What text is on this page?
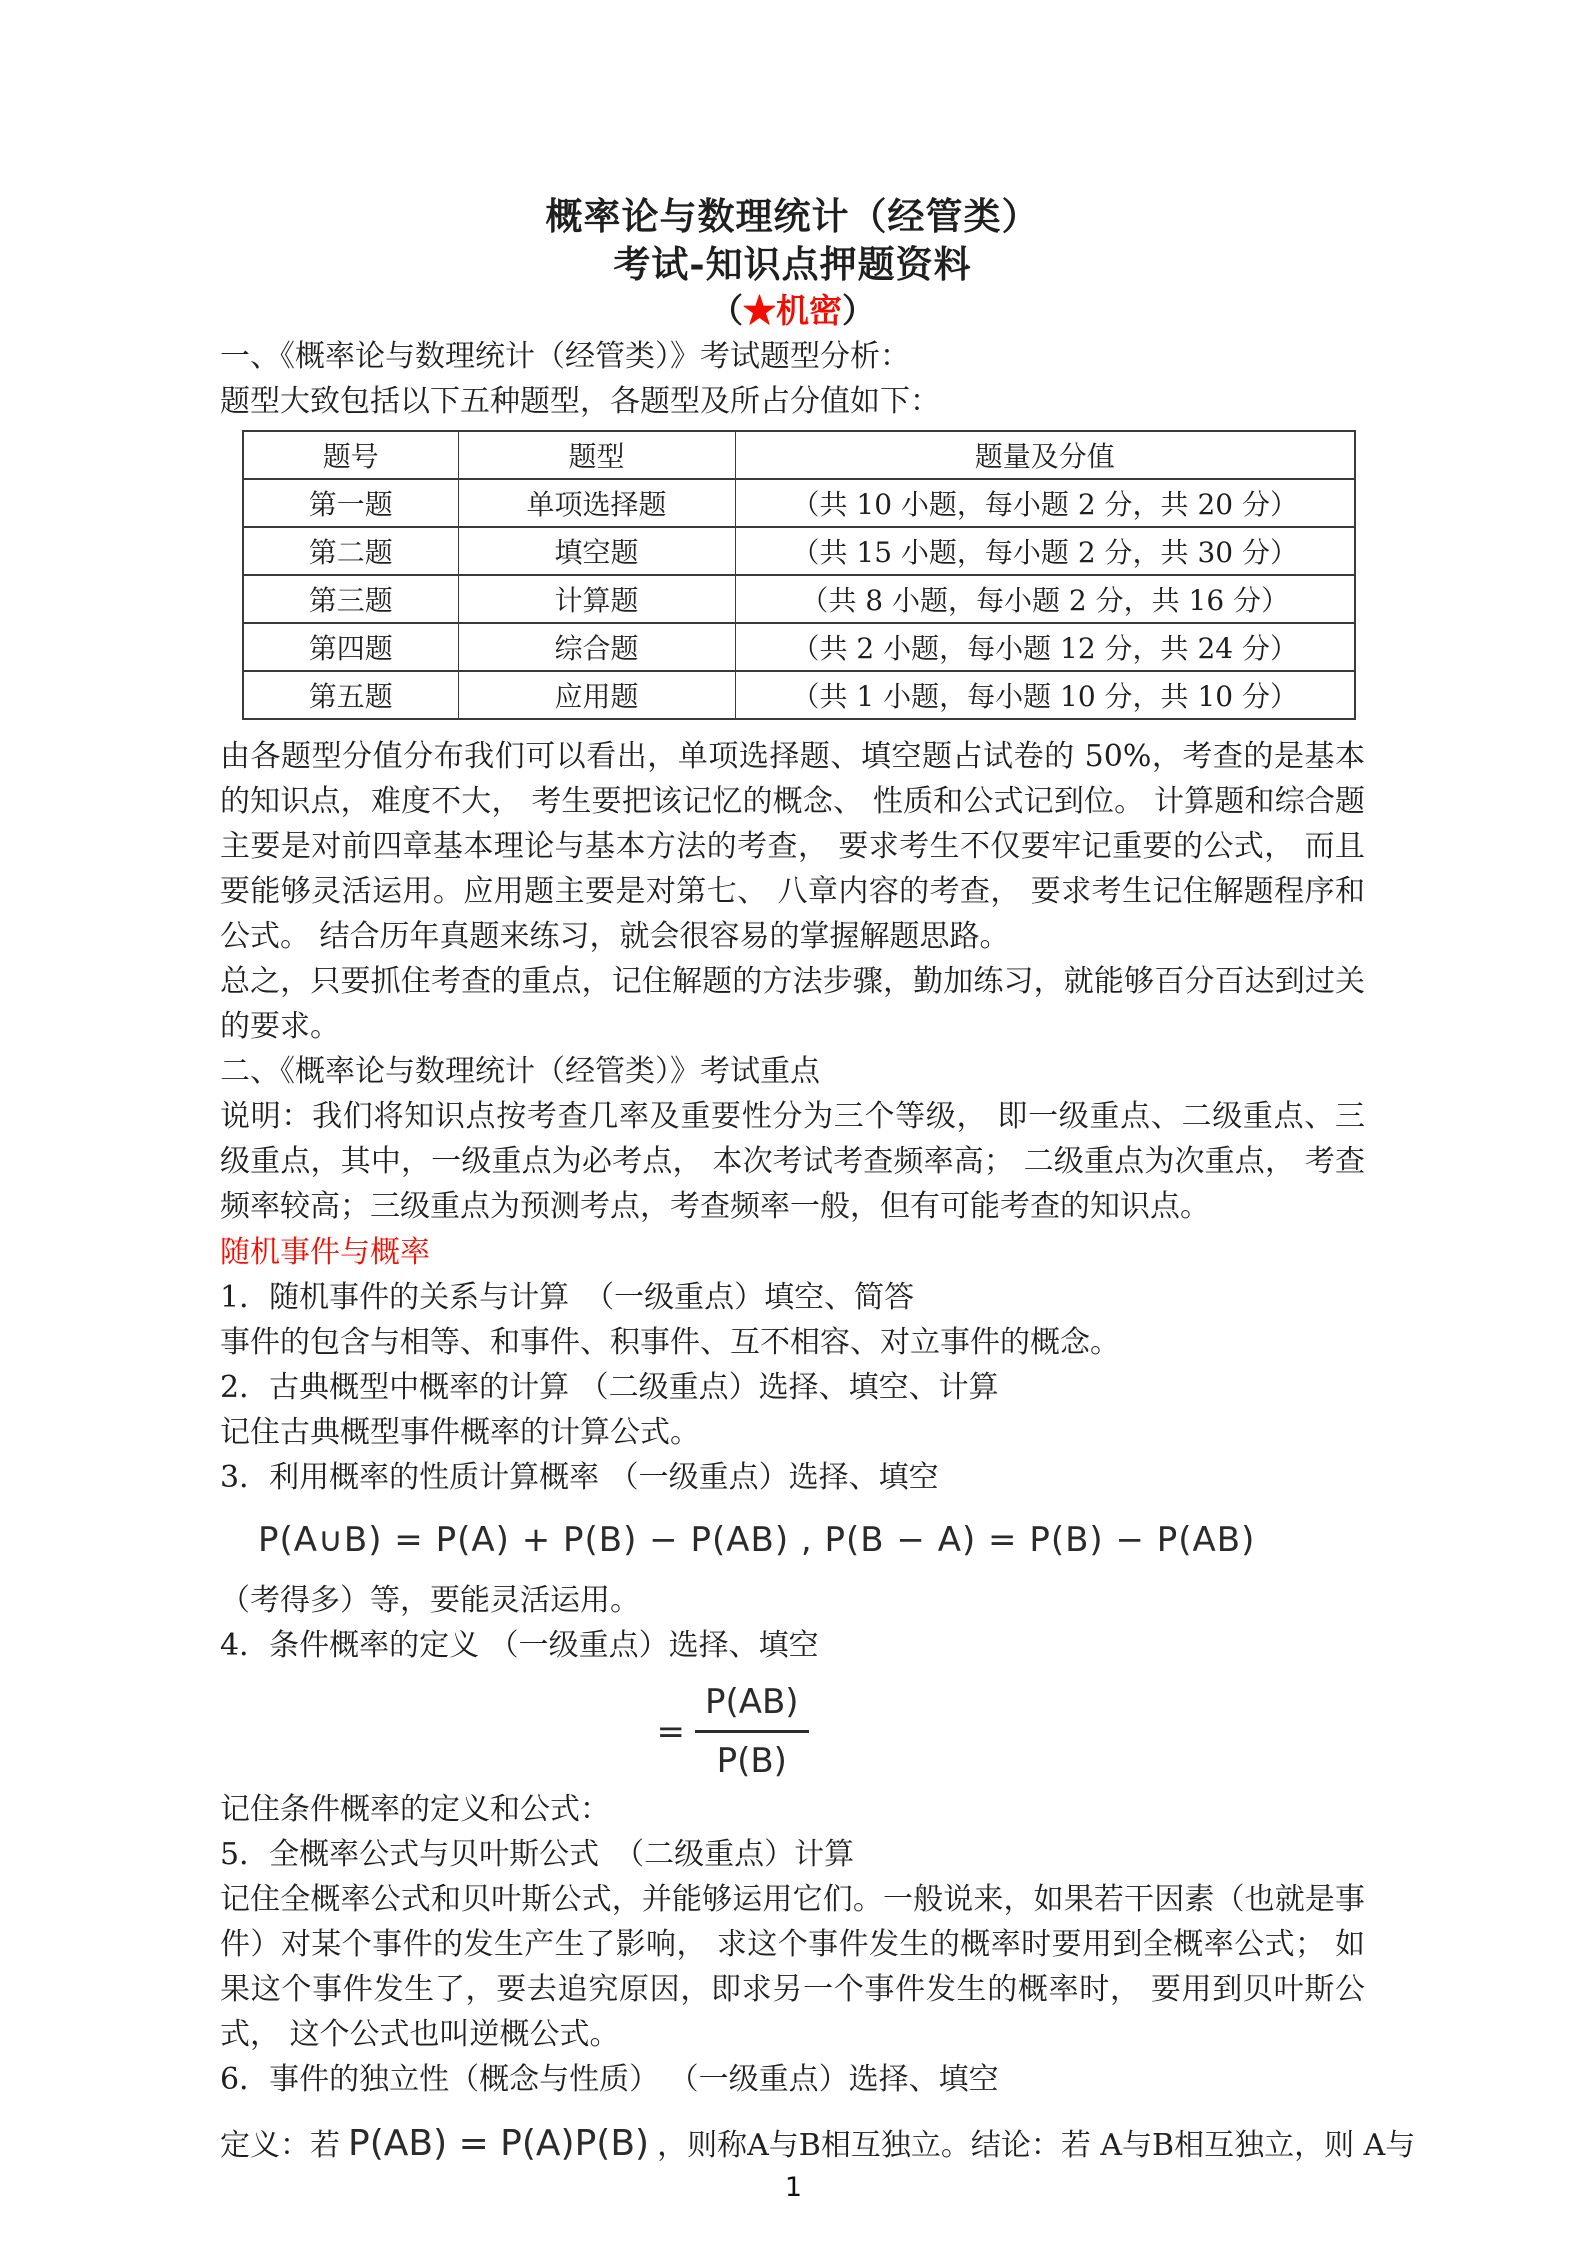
概率论与数理统计（经管类）
考试-知识点押题资料
（★机密）
一、《概率论与数理统计（经管类）》考试题型分析：
题型大致包括以下五种题型，各题型及所占分值如下：
题号	题型	题量及分值
第一题	单项选择题	（共 10 小题，每小题 2 分，共 20 分）
第二题	填空题	（共 15 小题，每小题 2 分，共 30 分）
第三题	计算题	（共 8 小题，每小题 2 分，共 16 分）
第四题	综合题	（共 2 小题，每小题 12 分，共 24 分）
第五题	应用题	（共 1 小题，每小题 10 分，共 10 分）

由各题型分值分布我们可以看出，单项选择题、填空题占试卷的 50%，考查的是基本的知识点，难度不大， 考生要把该记忆的概念、 性质和公式记到位。 计算题和综合题主要是对前四章基本理论与基本方法的考查， 要求考生不仅要牢记重要的公式， 而且要能够灵活运用。应用题主要是对第七、 八章内容的考查， 要求考生记住解题程序和公式。 结合历年真题来练习，就会很容易的掌握解题思路。

总之，只要抓住考查的重点，记住解题的方法步骤，勤加练习，就能够百分百达到过关的要求。

二、《概率论与数理统计（经管类）》考试重点

说明：我们将知识点按考查几率及重要性分为三个等级， 即一级重点、二级重点、三级重点，其中，一级重点为必考点， 本次考试考查频率高； 二级重点为次重点， 考查频率较高；三级重点为预测考点，考查频率一般，但有可能考查的知识点。

随机事件与概率
1．随机事件的关系与计算　（一级重点）填空、简答

事件的包含与相等、和事件、积事件、互不相容、对立事件的概念。

2．古典概型中概率的计算 （二级重点）选择、填空、计算

记住古典概型事件概率的计算公式。

3．利用概率的性质计算概率 （一级重点）选择、填空
P(A∪B) = P(A) + P(B) − P(AB) , P(B − A) = P(B) − P(AB)

（考得多）等，要能灵活运用。

4．条件概率的定义 （一级重点）选择、填空
= $\frac{P(AB)}{P(B)}$

记住条件概率的定义和公式：

5．全概率公式与贝叶斯公式　（二级重点）计算

记住全概率公式和贝叶斯公式，并能够运用它们。一般说来，如果若干因素（也就是事件）对某个事件的发生产生了影响， 求这个事件发生的概率时要用到全概率公式； 如果这个事件发生了，要去追究原因，即求另一个事件发生的概率时， 要用到贝叶斯公式， 这个公式也叫逆概公式。

6．事件的独立性（概念与性质） （一级重点）选择、填空
定义：若 P(AB) = P(A)P(B) ，则称A与B相互独立。结论：若 A与B相互独立，则 A与
1
